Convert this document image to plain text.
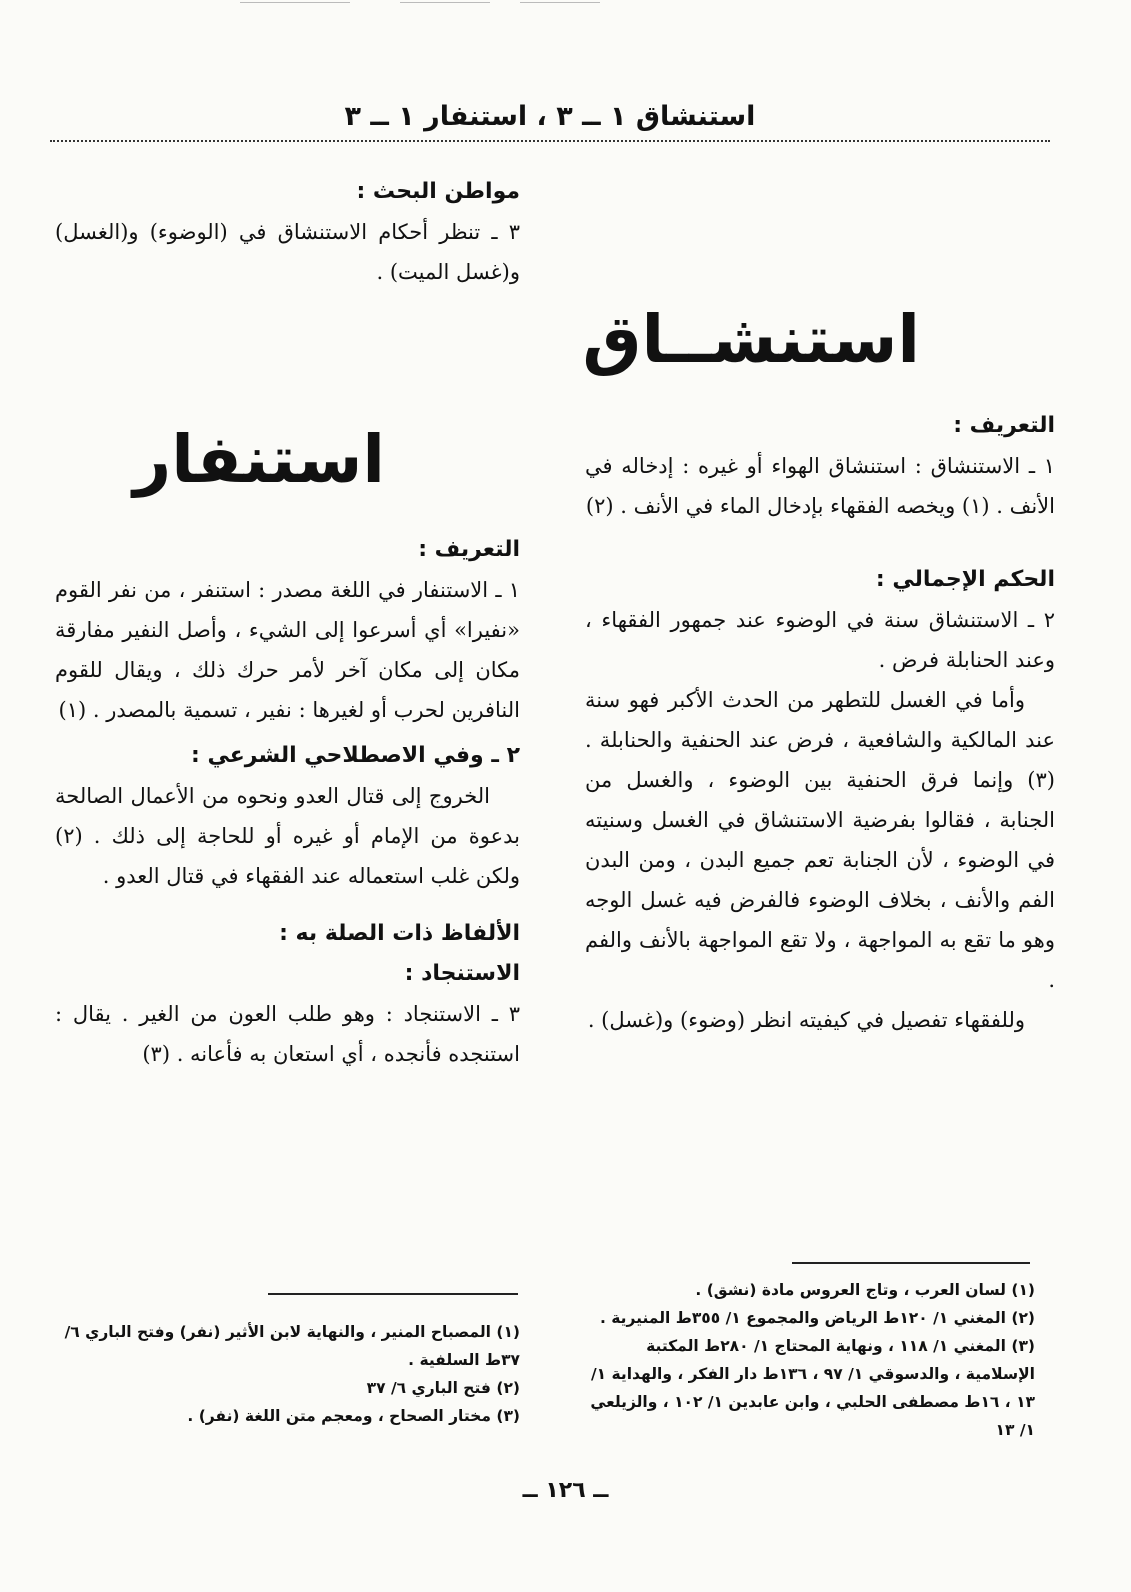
استنشاق ١ ــ ٣ ، استنفار ١ ــ ٣
مواطن البحث :
٣ ـ تنظر أحكام الاستنشاق في (الوضوء) و(الغسل) و(غسل الميت) .
استنشــاق
التعريف :
١ ـ الاستنشاق : استنشاق الهواء أو غيره : إدخاله في الأنف . (١) ويخصه الفقهاء بإدخال الماء في الأنف . (٢)
الحكم الإجمالي :
٢ ـ الاستنشاق سنة في الوضوء عند جمهور الفقهاء ، وعند الحنابلة فرض .
وأما في الغسل للتطهر من الحدث الأكبر فهو سنة عند المالكية والشافعية ، فرض عند الحنفية والحنابلة . (٣) وإنما فرق الحنفية بين الوضوء ، والغسل من الجنابة ، فقالوا بفرضية الاستنشاق في الغسل وسنيته في الوضوء ، لأن الجنابة تعم جميع البدن ، ومن البدن الفم والأنف ، بخلاف الوضوء فالفرض فيه غسل الوجه وهو ما تقع به المواجهة ، ولا تقع المواجهة بالأنف والفم .
وللفقهاء تفصيل في كيفيته انظر (وضوء) و(غسل) .
استنفار
التعريف :
١ ـ الاستنفار في اللغة مصدر : استنفر ، من نفر القوم «نفيرا» أي أسرعوا إلى الشيء ، وأصل النفير مفارقة مكان إلى مكان آخر لأمر حرك ذلك ، ويقال للقوم النافرين لحرب أو لغيرها : نفير ، تسمية بالمصدر . (١)
٢ ـ وفي الاصطلاحي الشرعي :
الخروج إلى قتال العدو ونحوه من الأعمال الصالحة بدعوة من الإمام أو غيره أو للحاجة إلى ذلك . (٢) ولكن غلب استعماله عند الفقهاء في قتال العدو .
الألفاظ ذات الصلة به :
الاستنجاد :
٣ ـ الاستنجاد : وهو طلب العون من الغير . يقال : استنجده فأنجده ، أي استعان به فأعانه . (٣)
(١) لسان العرب ، وتاج العروس مادة (نشق) .
(٢) المغني ١/ ١٢٠ط الرياض والمجموع ١/ ٣٥٥ط المنيرية .
(٣) المغني ١/ ١١٨ ، ونهاية المحتاج ١/ ٢٨٠ط المكتبة الإسلامية ، والدسوقي ١/ ٩٧ ، ١٣٦ط دار الفكر ، والهداية ١/ ١٣ ، ١٦ط مصطفى الحلبي ، وابن عابدين ١/ ١٠٢ ، والزيلعي ١/ ١٣
(١) المصباح المنير ، والنهاية لابن الأثير (نفر) وفتح الباري ٦/ ٣٧ط السلفية .
(٢) فتح الباري ٦/ ٣٧
(٣) مختار الصحاح ، ومعجم متن اللغة (نفر) .
ــ ١٢٦ ــ
